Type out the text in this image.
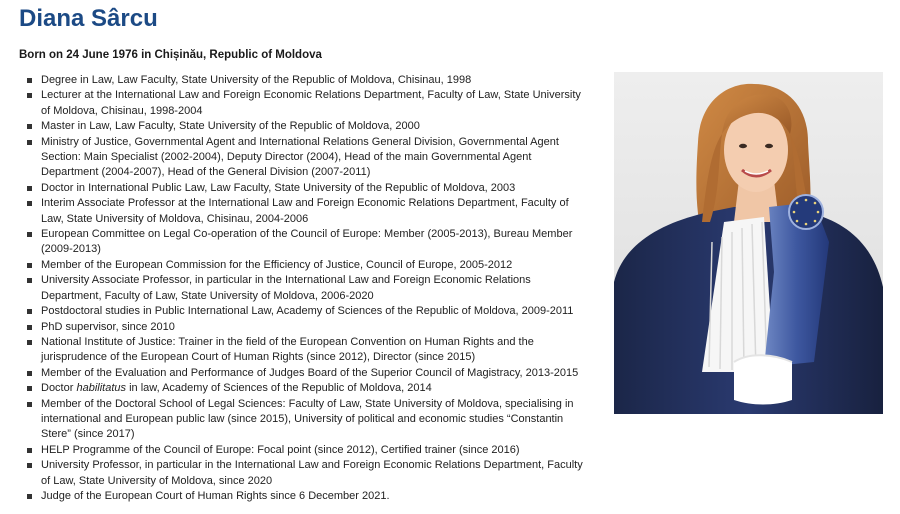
Diana Sârcu

Born on 24 June 1976 in Chișinău, Republic of Moldova

Degree in Law, Law Faculty, State University of the Republic of Moldova, Chisinau, 1998
Lecturer at the International Law and Foreign Economic Relations Department, Faculty of Law, State University of Moldova, Chisinau, 1998-2004
Master in Law, Law Faculty, State University of the Republic of Moldova, 2000
Ministry of Justice, Governmental Agent and International Relations General Division, Governmental Agent Section: Main Specialist (2002-2004), Deputy Director (2004), Head of the main Governmental Agent Department (2004-2007), Head of the General Division (2007-2011)
Doctor in International Public Law, Law Faculty, State University of the Republic of Moldova, 2003
Interim Associate Professor at the International Law and Foreign Economic Relations Department, Faculty of Law, State University of Moldova, Chisinau, 2004-2006
European Committee on Legal Co-operation of the Council of Europe: Member (2005-2013), Bureau Member (2009-2013)
Member of the European Commission for the Efficiency of Justice, Council of Europe, 2005-2012
University Associate Professor, in particular in the International Law and Foreign Economic Relations Department, Faculty of Law, State University of Moldova, 2006-2020
Postdoctoral studies in Public International Law, Academy of Sciences of the Republic of Moldova, 2009-2011
PhD supervisor, since 2010
National Institute of Justice: Trainer in the field of the European Convention on Human Rights and the jurisprudence of the European Court of Human Rights (since 2012), Director (since 2015)
Member of the Evaluation and Performance of Judges Board of the Superior Council of Magistracy, 2013-2015
Doctor habilitatus in law, Academy of Sciences of the Republic of Moldova, 2014
Member of the Doctoral School of Legal Sciences: Faculty of Law, State University of Moldova, specialising in international and European public law (since 2015), University of political and economic studies “Constantin Stere” (since 2017)
HELP Programme of the Council of Europe: Focal point (since 2012), Certified trainer (since 2016)
University Professor, in particular in the International Law and Foreign Economic Relations Department, Faculty of Law, State University of Moldova, since 2020
Judge of the European Court of Human Rights since 6 December 2021.
